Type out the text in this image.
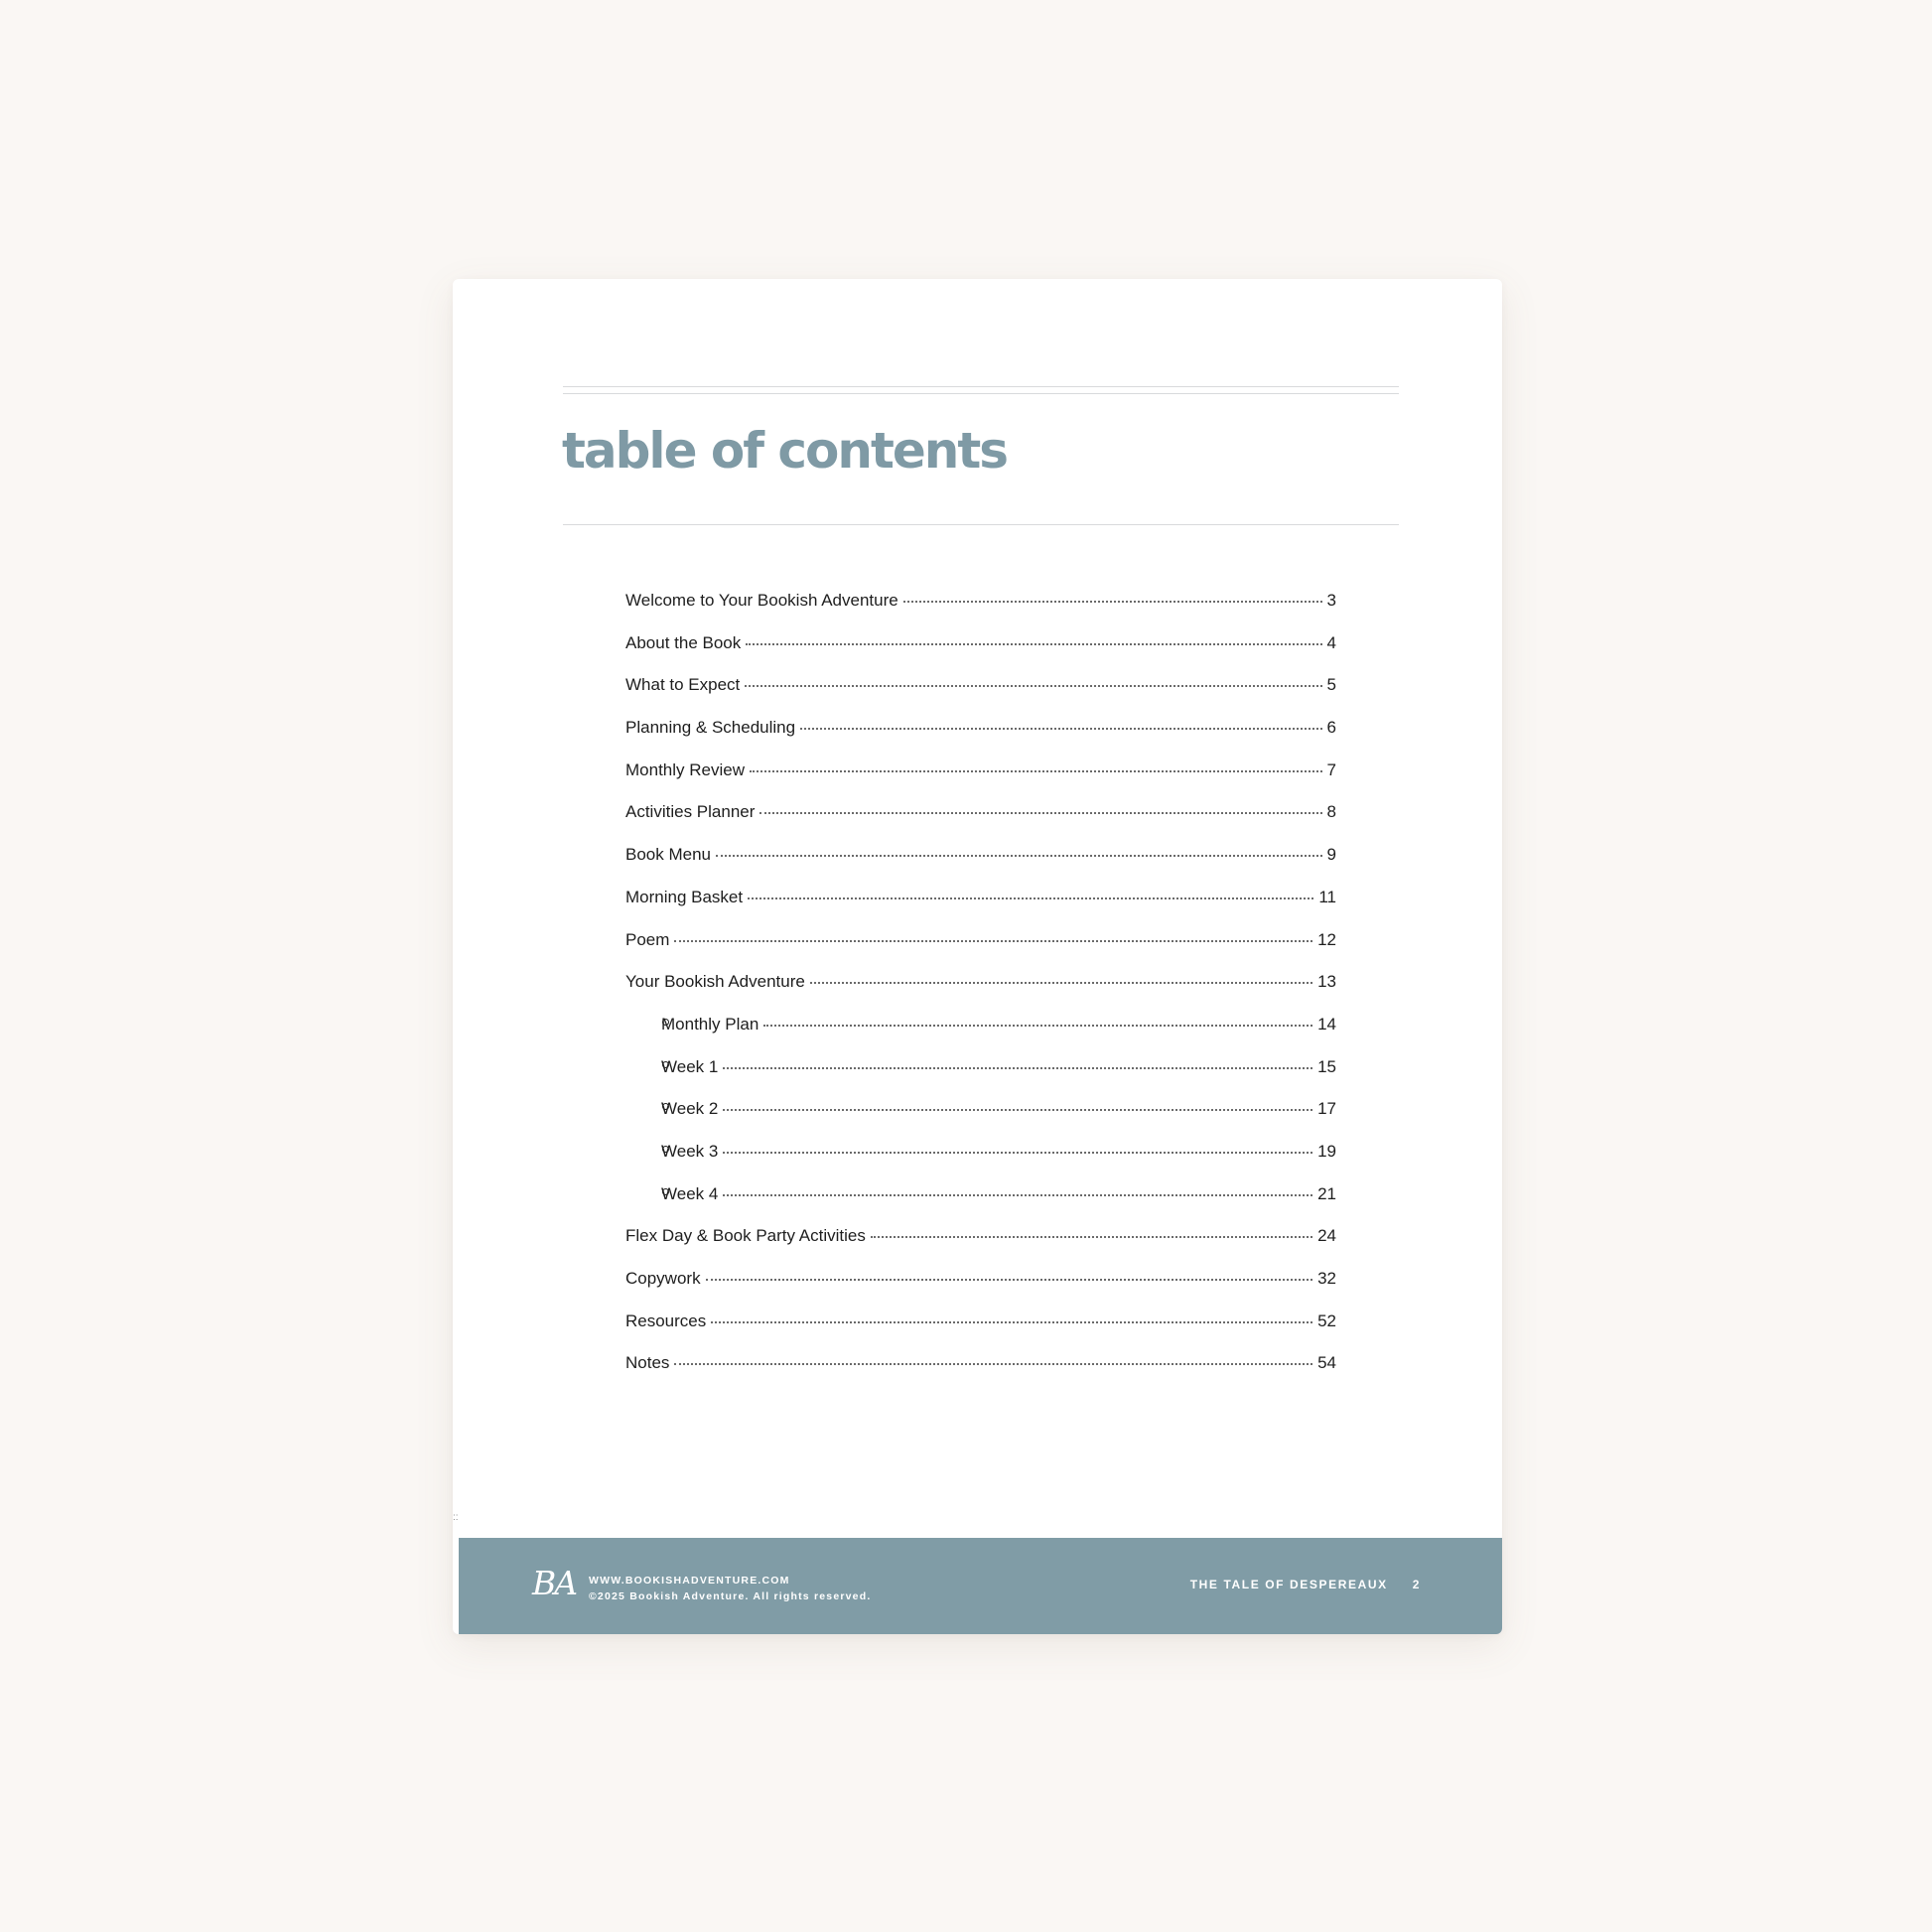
table of contents
Welcome to Your Bookish Adventure	3
About the Book	4
What to Expect	5
Planning & Scheduling	6
Monthly Review	7
Activities Planner	8
Book Menu	9
Morning Basket	11
Poem	12
Your Bookish Adventure	13
Monthly Plan	14
Week 1	15
Week 2	17
Week 3	19
Week 4	21
Flex Day & Book Party Activities	24
Copywork	32
Resources	52
Notes	54
::
BA WWW.BOOKISHADVENTURE.COM
©2025 Bookish Adventure. All rights reserved.
THE TALE OF DESPEREAUX 2
